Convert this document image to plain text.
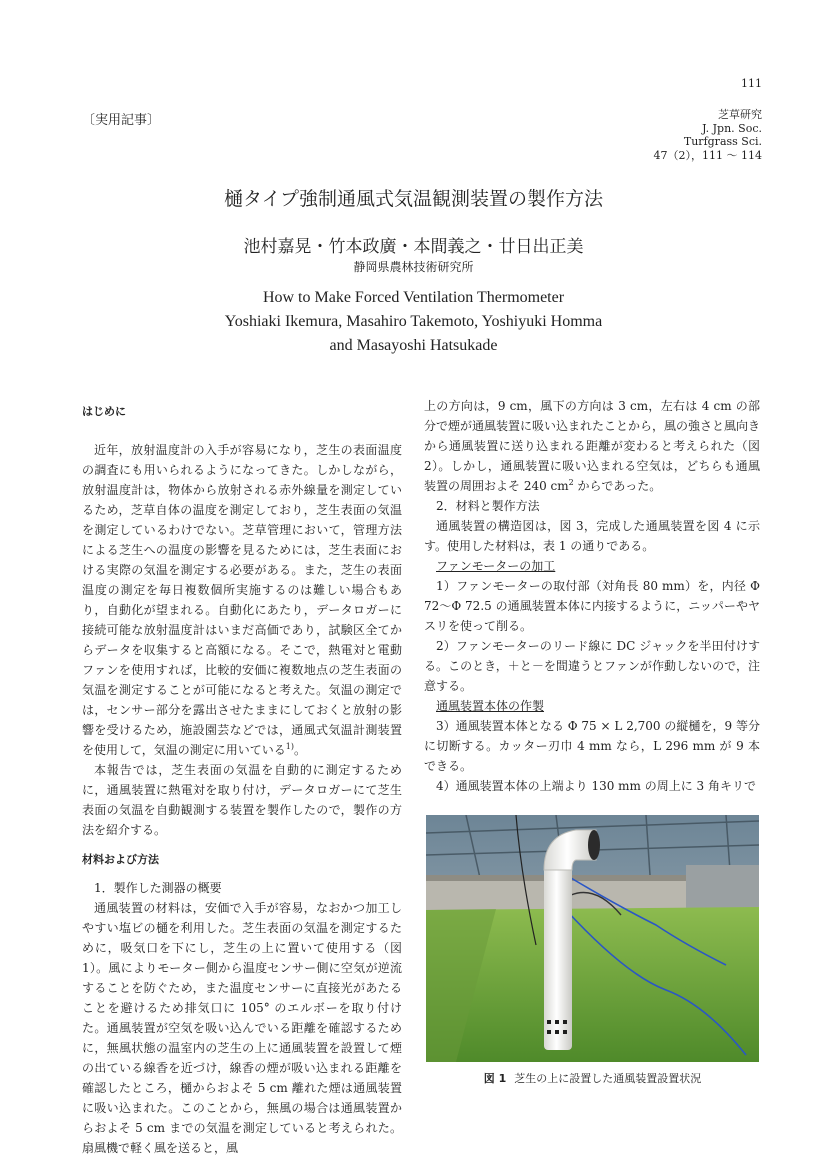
111
〔実用記事〕	芝草研究
J. Jpn. Soc.
Turfgrass Sci.
47（2），111 ～ 114
樋タイプ強制通風式気温観測装置の製作方法
池村嘉晃・竹本政廣・本間義之・廿日出正美
静岡県農林技術研究所
How to Make Forced Ventilation Thermometer
Yoshiaki Ikemura, Masahiro Takemoto, Yoshiyuki Homma
and Masayoshi Hatsukade
はじめに

近年，放射温度計の入手が容易になり，芝生の表面温度の調査にも用いられるようになってきた。しかしながら，放射温度計は，物体から放射される赤外線量を測定しているため，芝草自体の温度を測定しており，芝生表面の気温を測定しているわけでない。芝草管理において，管理方法による芝生への温度の影響を見るためには，芝生表面における実際の気温を測定する必要がある。また，芝生の表面温度の測定を毎日複数個所実施するのは難しい場合もあり，自動化が望まれる。自動化にあたり，データロガーに接続可能な放射温度計はいまだ高価であり，試験区全てからデータを収集すると高額になる。そこで，熱電対と電動ファンを使用すれば，比較的安価に複数地点の芝生表面の気温を測定することが可能になると考えた。気温の測定では，センサー部分を露出させたままにしておくと放射の影響を受けるため，施設園芸などでは，通風式気温計測装置を使用して，気温の測定に用いている$^{1)}$。

本報告では，芝生表面の気温を自動的に測定するために，通風装置に熱電対を取り付け，データロガーにて芝生表面の気温を自動観測する装置を製作したので，製作の方法を紹介する。

材料および方法

1．製作した測器の概要

通風装置の材料は，安価で入手が容易，なおかつ加工しやすい塩ビの樋を利用した。芝生表面の気温を測定するために，吸気口を下にし，芝生の上に置いて使用する（図 1）。風によりモーター側から温度センサー側に空気が逆流することを防ぐため，また温度センサーに直接光があたることを避けるため排気口に 105° のエルボーを取り付けた。通風装置が空気を吸い込んでいる距離を確認するために，無風状態の温室内の芝生の上に通風装置を設置して煙の出ている線香を近づけ，線香の煙が吸い込まれる距離を確認したところ，樋からおよそ 5 cm 離れた煙は通風装置に吸い込まれた。このことから，無風の場合は通風装置からおよそ 5 cm までの気温を測定していると考えられた。扇風機で軽く風を送ると，風

上の方向は，9 cm，風下の方向は 3 cm，左右は 4 cm の部分で煙が通風装置に吸い込まれたことから，風の強さと風向きから通風装置に送り込まれる距離が変わると考えられた（図 2）。しかし，通風装置に吸い込まれる空気は，どちらも通風装置の周囲およそ 240 $cm^2$ からであった。

2．材料と製作方法

通風装置の構造図は，図 3，完成した通風装置を図 4 に示す。使用した材料は，表 1 の通りである。

ファンモーターの加工

1）ファンモーターの取付部（対角長 80 mm）を，内径 Φ 72～Φ 72.5 の通風装置本体に内接するように，ニッパーやヤスリを使って削る。

2）ファンモーターのリード線に DC ジャックを半田付けする。このとき，＋と－を間違うとファンが作動しないので，注意する。

通風装置本体の作製

3）通風装置本体となる Φ 75 × L 2,700 の縦樋を，9 等分に切断する。カッター刃巾 4 mm なら，L 296 mm が 9 本できる。

4）通風装置本体の上端より 130 mm の周上に 3 角キリで

図 1 芝生の上に設置した通風装置設置状況
